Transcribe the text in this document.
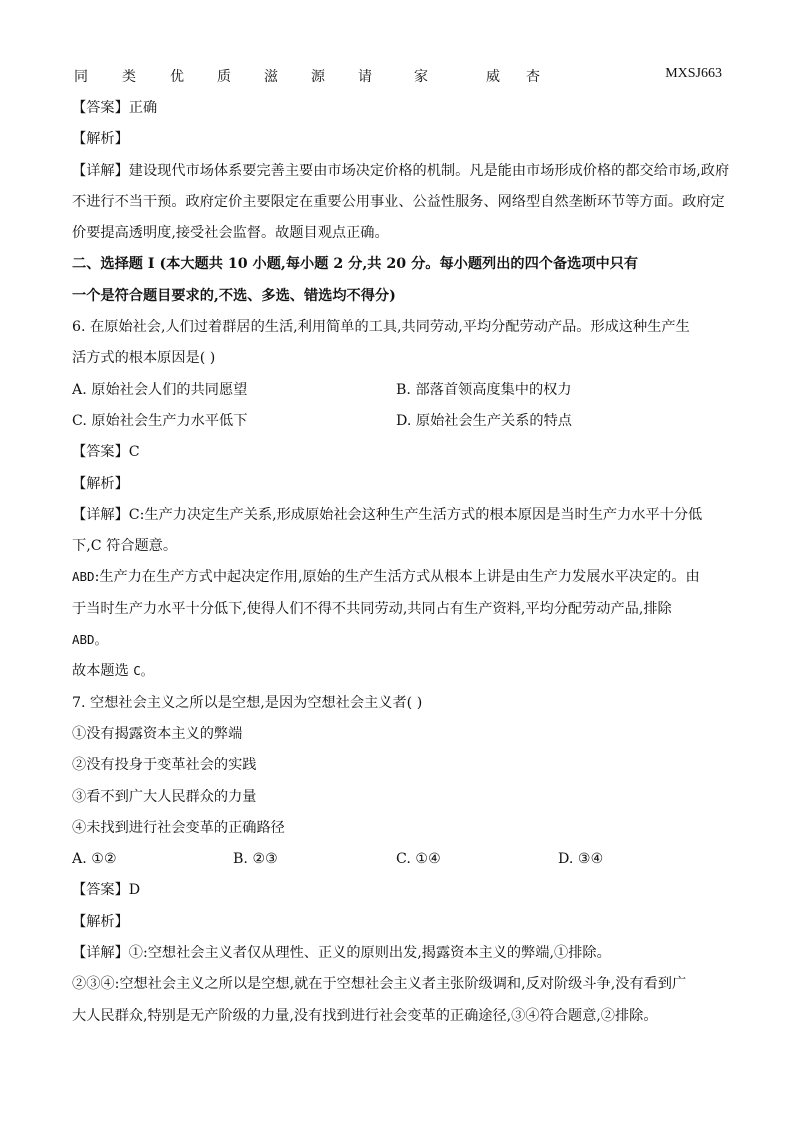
同 类 优 质 滋 源 请	家	威 杏	MXSJ663
【答案】正确
【解析】
【详解】建设现代市场体系要完善主要由市场决定价格的机制。凡是能由市场形成价格的都交给市场,政府
不进行不当干预。政府定价主要限定在重要公用事业、公益性服务、网络型自然垄断环节等方面。政府定
价要提高透明度,接受社会监督。故题目观点正确。
二、选择题 I (本大题共 10 小题,每小题 2 分,共 20 分。每小题列出的四个备选项中只有
一个是符合题目要求的,不选、多选、错选均不得分)
6. 在原始社会,人们过着群居的生活,利用简单的工具,共同劳动,平均分配劳动产品。形成这种生产生
活方式的根本原因是( )
A. 原始社会人们的共同愿望	B. 部落首领高度集中的权力
C. 原始社会生产力水平低下	D. 原始社会生产关系的特点
【答案】C
【解析】
【详解】C:生产力决定生产关系,形成原始社会这种生产生活方式的根本原因是当时生产力水平十分低
下,C 符合题意。
ABD:生产力在生产方式中起决定作用,原始的生产生活方式从根本上讲是由生产力发展水平决定的。由
于当时生产力水平十分低下,使得人们不得不共同劳动,共同占有生产资料,平均分配劳动产品,排除
ABD。
故本题选 C。
7. 空想社会主义之所以是空想,是因为空想社会主义者( )
①没有揭露资本主义的弊端
②没有投身于变革社会的实践
③看不到广大人民群众的力量
④未找到进行社会变革的正确路径
A. ①②	B. ②③	C. ①④	D. ③④
【答案】D
【解析】
【详解】①:空想社会主义者仅从理性、正义的原则出发,揭露资本主义的弊端,①排除。
②③④:空想社会主义之所以是空想,就在于空想社会主义者主张阶级调和,反对阶级斗争,没有看到广
大人民群众,特别是无产阶级的力量,没有找到进行社会变革的正确途径,③④符合题意,②排除。
